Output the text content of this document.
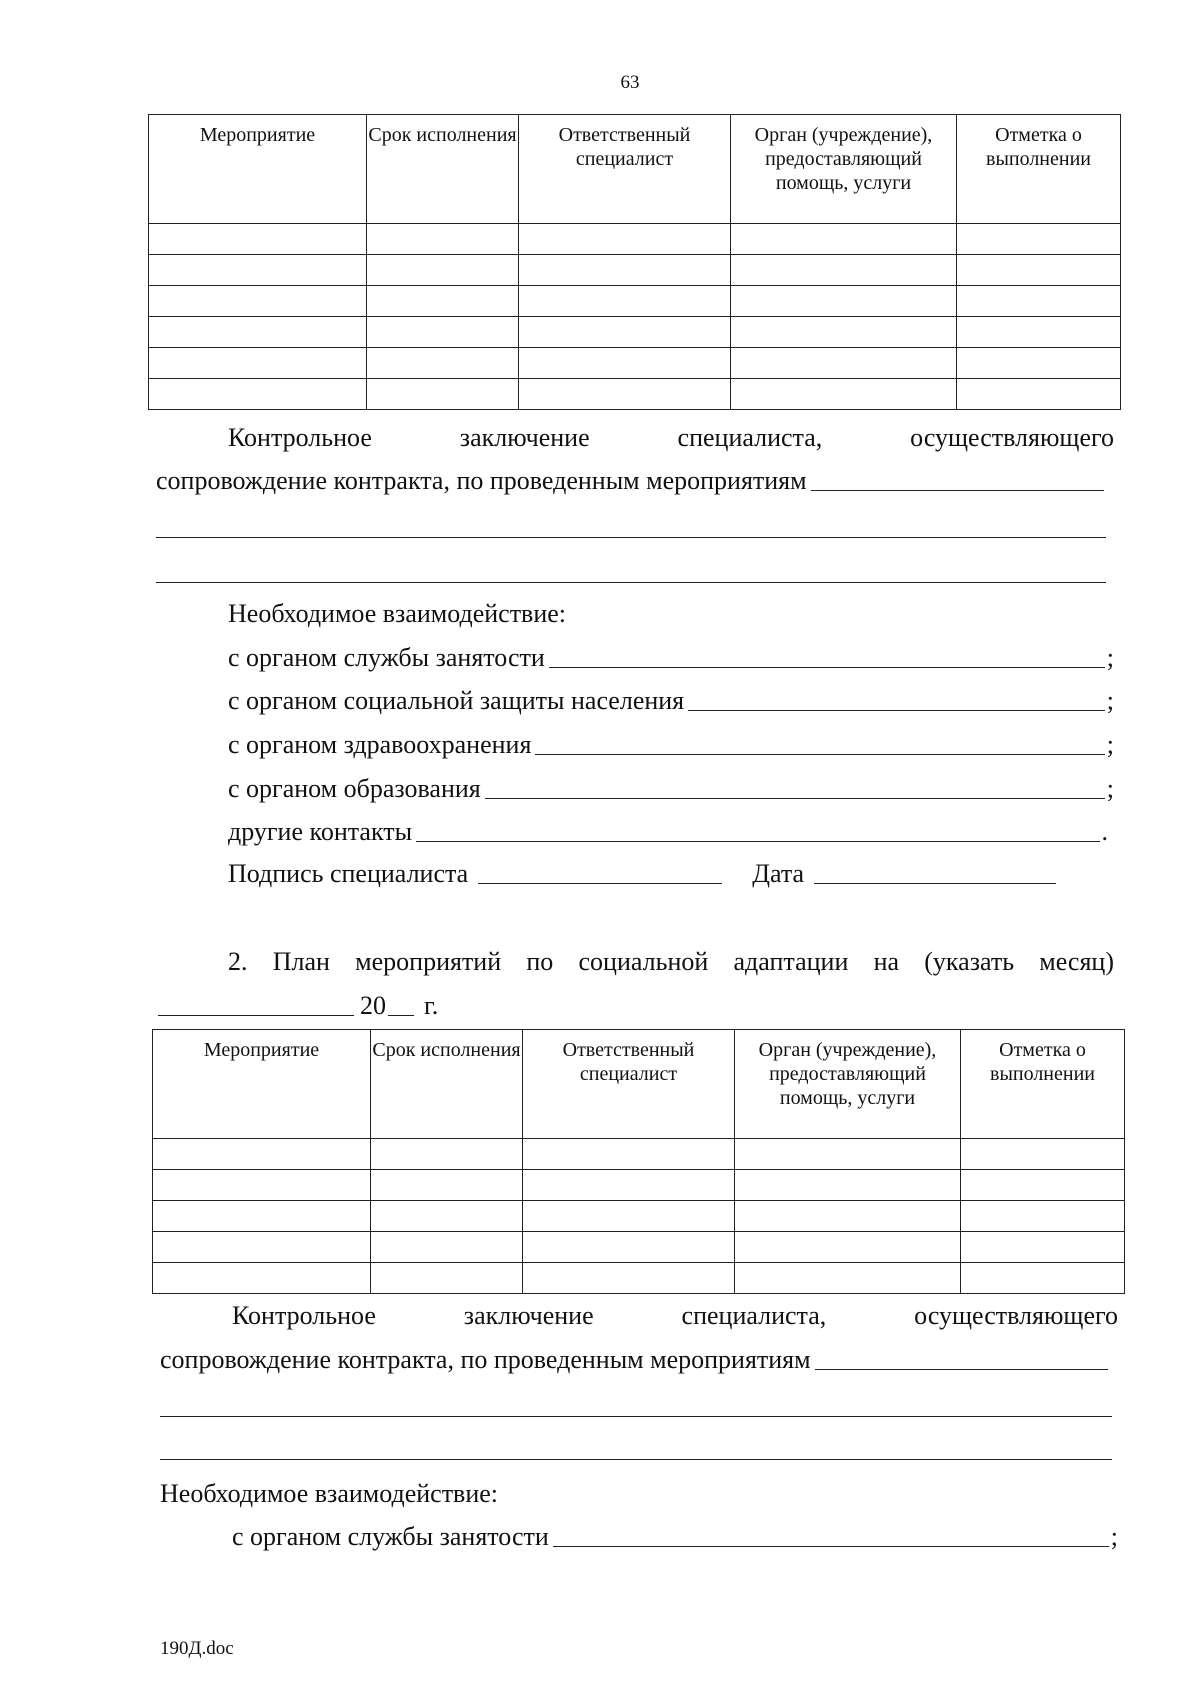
63
Мероприятие	Срок исполнения	Ответственный специалист	Орган (учреждение), предоставляющий помощь, услуги	Отметка о выполнении

Контрольное	заключение	специалиста,	осуществляющего
сопровождение контракта, по проведенным мероприятиям
Необходимое взаимодействие:
с органом службы занятости	;
с органом социальной защиты населения	;
с органом здравоохранения	;
с органом образования	;
другие контакты	.
Подпись специалиста	Дата
2. План мероприятий по социальной адаптации на (указать месяц)
20 г.
Мероприятие	Срок исполнения	Ответственный специалист	Орган (учреждение), предоставляющий помощь, услуги	Отметка о выполнении

Контрольное	заключение	специалиста,	осуществляющего
сопровождение контракта, по проведенным мероприятиям
Необходимое взаимодействие:
с органом службы занятости	;
190Д.doc
